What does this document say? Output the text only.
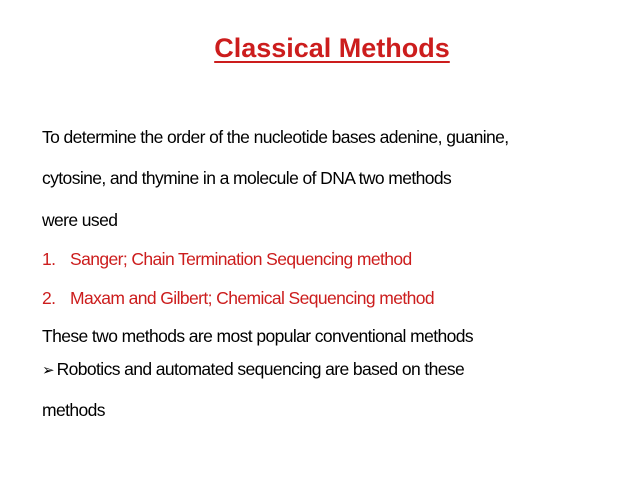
Classical Methods
To determine the order of the nucleotide bases adenine, guanine,
cytosine, and thymine in a molecule of DNA two methods
were used
1. Sanger; Chain Termination Sequencing method
2. Maxam and Gilbert; Chemical Sequencing method
These two methods are most popular conventional methods
➢ Robotics and automated sequencing are based on these
methods
